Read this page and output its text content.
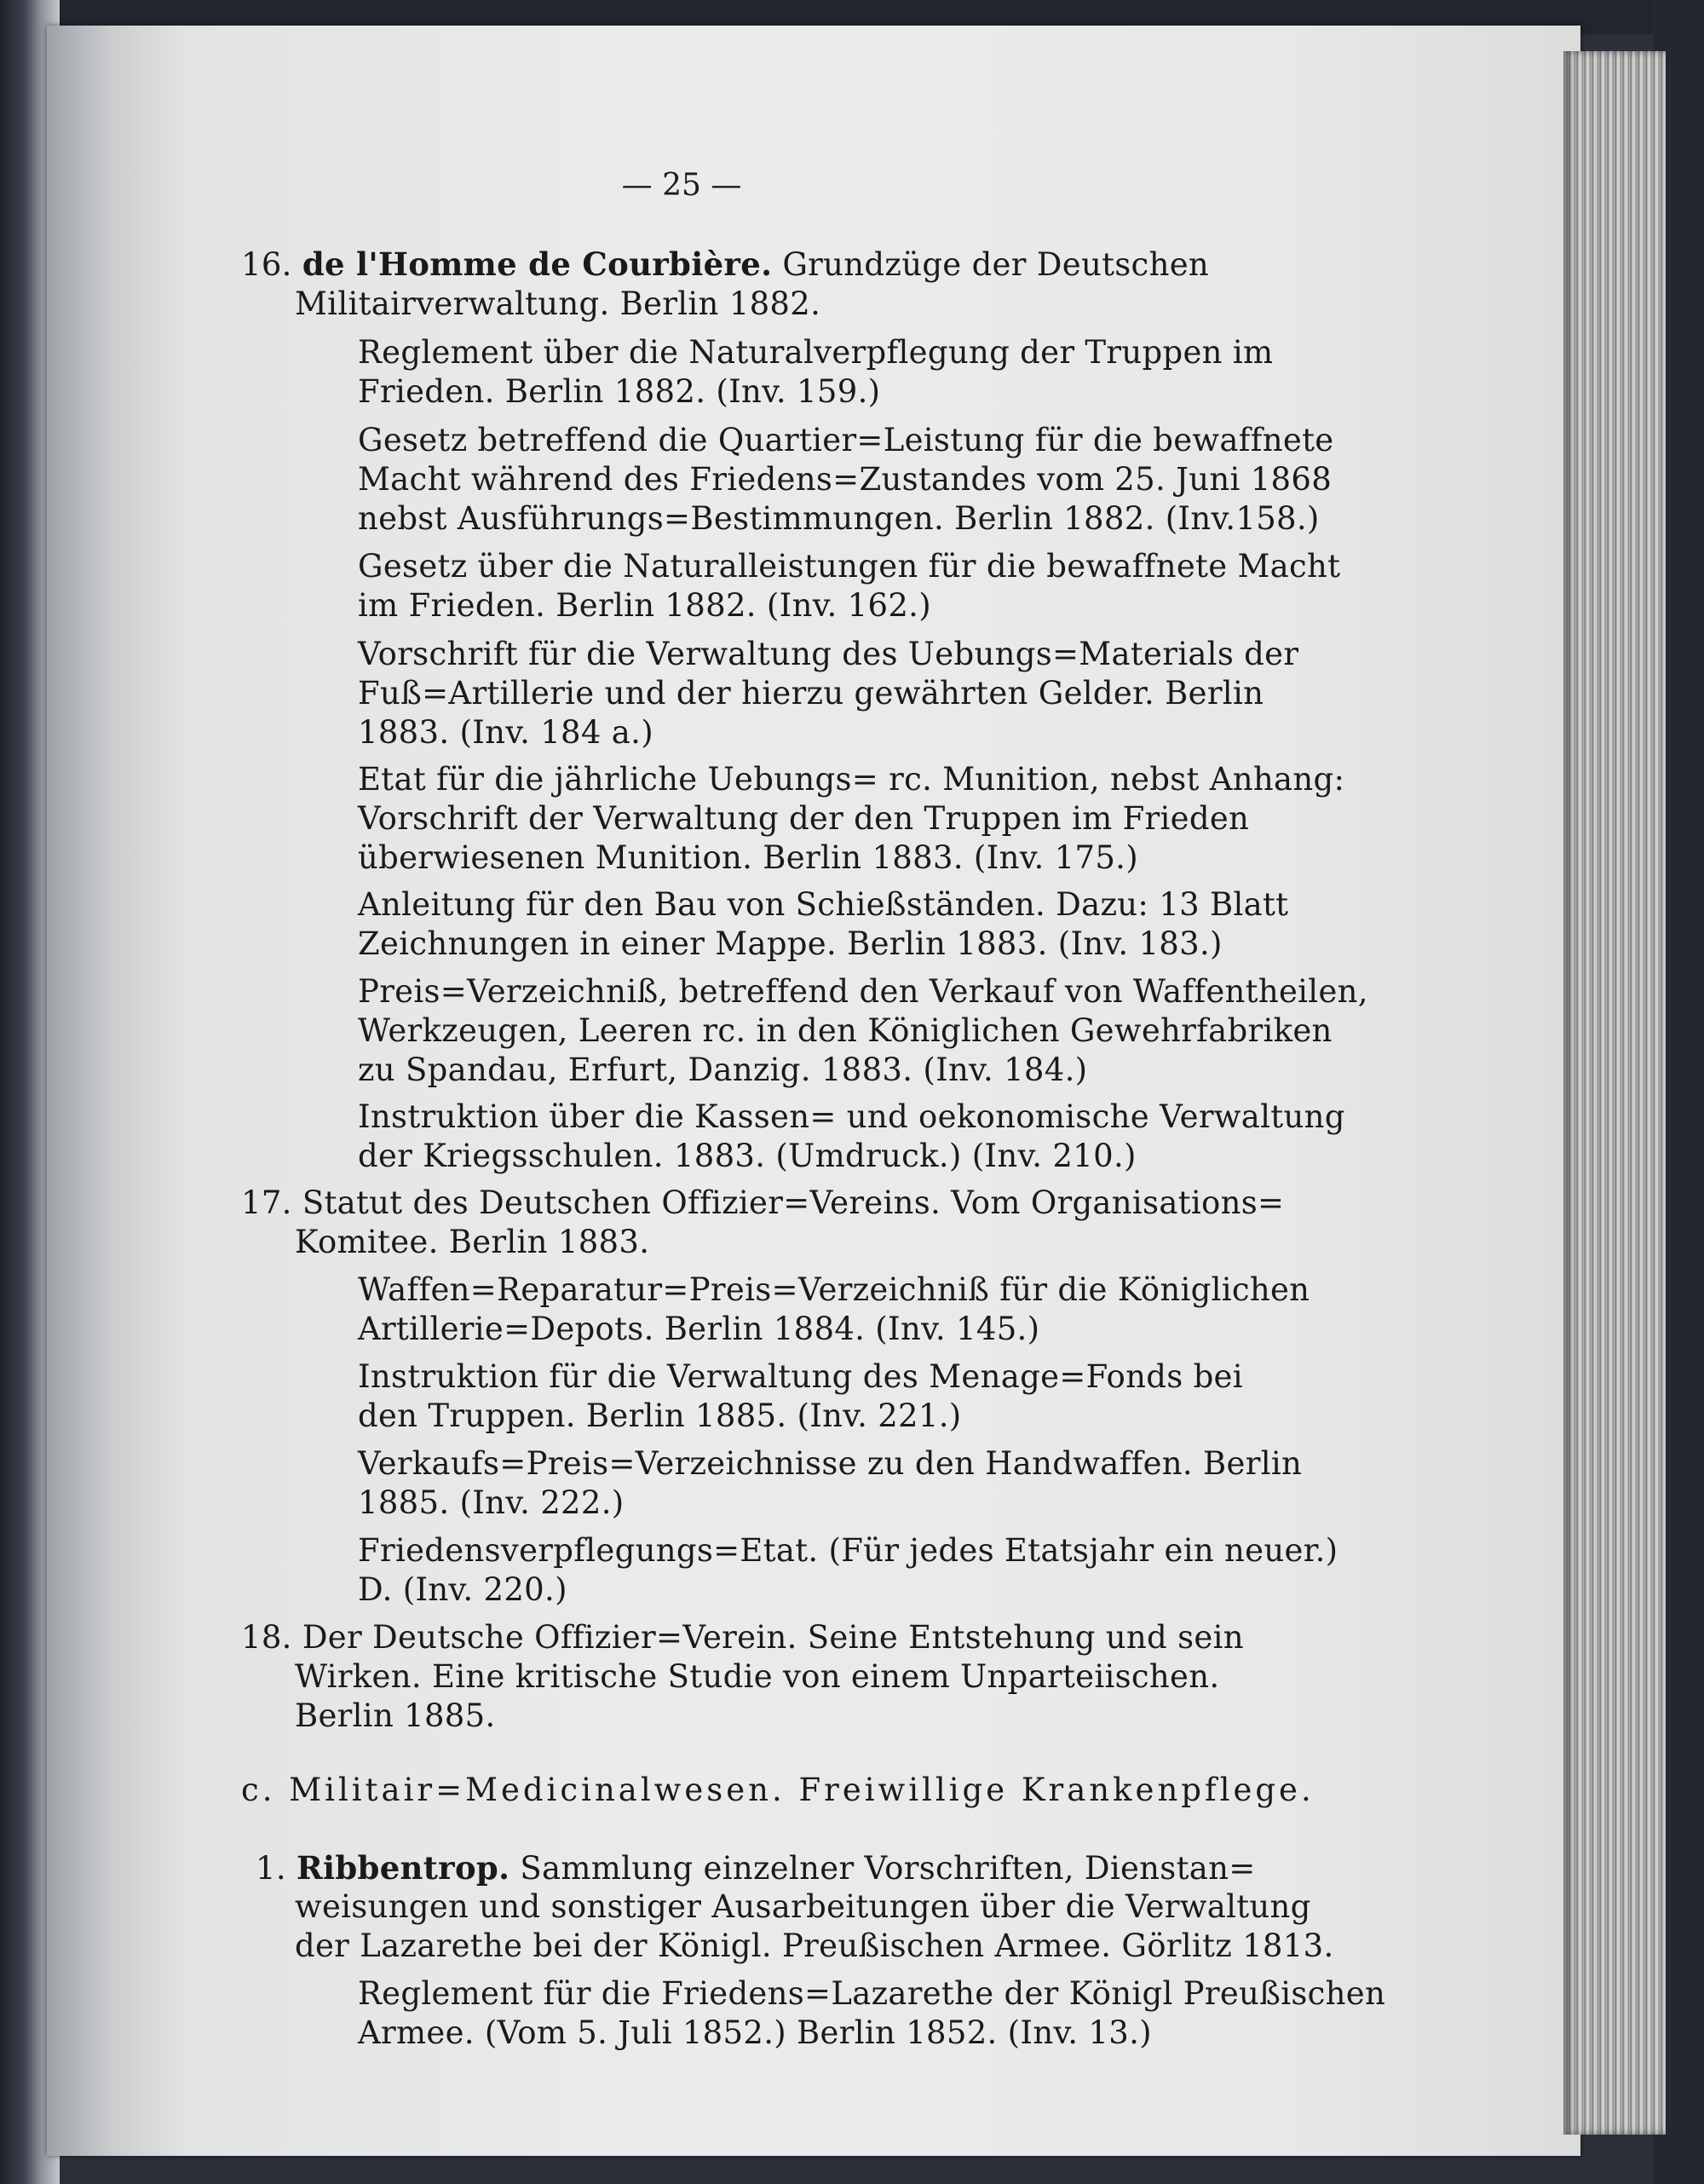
— 25 —
16. de l'Homme de Courbière. Grundzüge der Deutschen
Militairverwaltung. Berlin 1882.
Reglement über die Naturalverpflegung der Truppen im
Frieden. Berlin 1882. (Inv. 159.)
Gesetz betreffend die Quartier=Leistung für die bewaffnete
Macht während des Friedens=Zustandes vom 25. Juni 1868
nebst Ausführungs=Bestimmungen. Berlin 1882. (Inv.158.)
Gesetz über die Naturalleistungen für die bewaffnete Macht
im Frieden. Berlin 1882. (Inv. 162.)
Vorschrift für die Verwaltung des Uebungs=Materials der
Fuß=Artillerie und der hierzu gewährten Gelder. Berlin
1883. (Inv. 184 a.)
Etat für die jährliche Uebungs= rc. Munition, nebst Anhang:
Vorschrift der Verwaltung der den Truppen im Frieden
überwiesenen Munition. Berlin 1883. (Inv. 175.)
Anleitung für den Bau von Schießständen. Dazu: 13 Blatt
Zeichnungen in einer Mappe. Berlin 1883. (Inv. 183.)
Preis=Verzeichniß, betreffend den Verkauf von Waffentheilen,
Werkzeugen, Leeren rc. in den Königlichen Gewehrfabriken
zu Spandau, Erfurt, Danzig. 1883. (Inv. 184.)
Instruktion über die Kassen= und oekonomische Verwaltung
der Kriegsschulen. 1883. (Umdruck.) (Inv. 210.)
17. Statut des Deutschen Offizier=Vereins. Vom Organisations=
Komitee. Berlin 1883.
Waffen=Reparatur=Preis=Verzeichniß für die Königlichen
Artillerie=Depots. Berlin 1884. (Inv. 145.)
Instruktion für die Verwaltung des Menage=Fonds bei
den Truppen. Berlin 1885. (Inv. 221.)
Verkaufs=Preis=Verzeichnisse zu den Handwaffen. Berlin
1885. (Inv. 222.)
Friedensverpflegungs=Etat. (Für jedes Etatsjahr ein neuer.)
D. (Inv. 220.)
18. Der Deutsche Offizier=Verein. Seine Entstehung und sein
Wirken. Eine kritische Studie von einem Unparteiischen.
Berlin 1885.
c. Militair=Medicinalwesen. Freiwillige Krankenpflege.
1. Ribbentrop. Sammlung einzelner Vorschriften, Dienstan=
weisungen und sonstiger Ausarbeitungen über die Verwaltung
der Lazarethe bei der Königl. Preußischen Armee. Görlitz 1813.
Reglement für die Friedens=Lazarethe der Königl Preußischen
Armee. (Vom 5. Juli 1852.) Berlin 1852. (Inv. 13.)
